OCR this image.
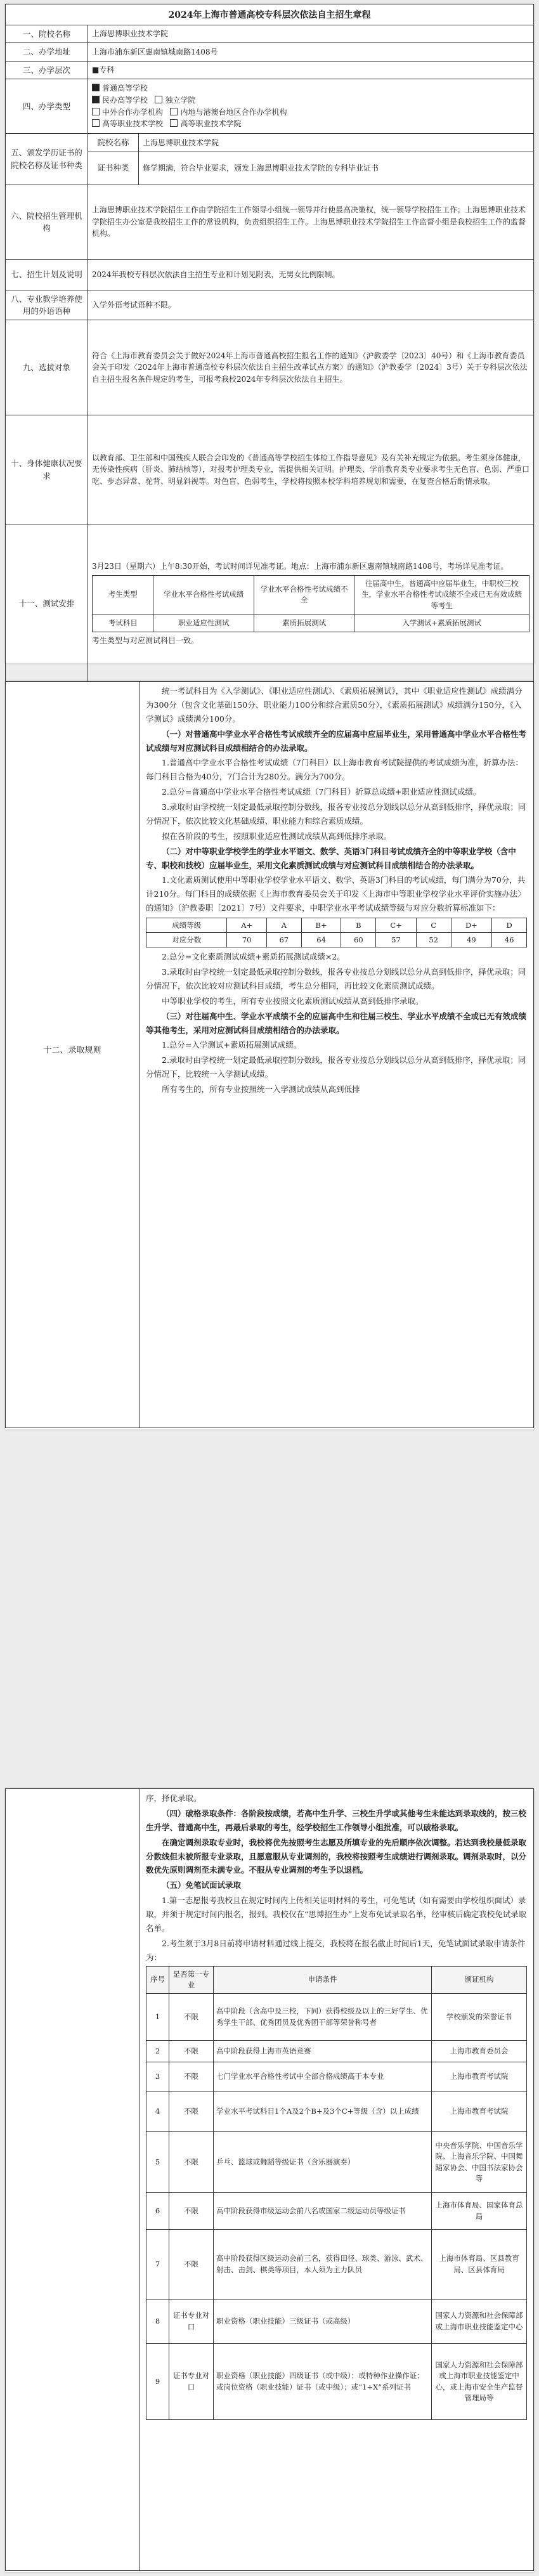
2024年上海市普通高校专科层次依法自主招生章程
一、院校名称	上海思博职业技术学院
二、办学地址	上海市浦东新区惠南镇城南路1408号
三、办学层次	■专科
四、办学类型	
普通高等学校
民办高等学校 独立学院
中外合作办学机构 内地与港澳台地区合作办学机构
高等职业技术学校 高等职业技术学院

五、颁发学历证书的院校名称及证书种类	院校名称	上海思博职业技术学院
证书种类	修学期满，符合毕业要求，颁发上海思博职业技术学院的专科毕业证书
六、院校招生管理机构	上海思博职业技术学院招生工作由学院招生工作领导小组统一领导并行使最高决策权，统一领导学校招生工作；上海思博职业技术学院招生办公室是我校招生工作的常设机构，负责组织招生工作。上海思博职业技术学院招生工作监督小组是我校招生工作的监督机构。
七、招生计划及说明	2024年我校专科层次依法自主招生专业和计划见附表，无男女比例限制。
八、专业教学培养使用的外语语种	入学外语考试语种不限。
九、选拔对象	符合《上海市教育委员会关于做好2024年上海市普通高校招生报名工作的通知》（沪教委学〔2023〕40号）和《上海市教育委员会关于印发〈2024年上海市普通高校专科层次依法自主招生改革试点方案〉的通知》（沪教委学〔2024〕3号）关于专科层次依法自主招生报名条件规定的考生，可报考我校2024年专科层次依法自主招生。
十、身体健康状况要求	以教育部、卫生部和中国残疾人联合会印发的《普通高等学校招生体检工作指导意见》及有关补充规定为依据。考生须身体健康，无传染性疾病（肝炎、肺结核等），对报考护理类专业，需提供相关证明。护理类、学前教育类专业要求考生无色盲、色弱、严重口吃、步态异常、驼背、明显斜视等。对色盲、色弱考生，学校将按照本校学科培养规划和需要，在复查合格后酌情录取。
十一、测试安排	
3月23日（星期六）上午8:30开始，考试时间详见准考证。地点：上海市浦东新区惠南镇城南路1408号，考场详见准考证。
考生类型	学业水平合格性考试成绩	学业水平合格性考试成绩不全	往届高中生，普通高中应届毕业生，中职校三校生，学业水平合格性考试成绩不全或已无有效成绩等考生
考试科目	职业适应性测试	素质拓展测试	入学测试+素质拓展测试
考生类型与对应测试科目一致。
十二、录取规则

统一考试科目为《入学测试》、《职业适应性测试》、《素质拓展测试》，其中《职业适应性测试》成绩满分为300分（包含文化基础150分、职业能力100分和综合素质50分），《素质拓展测试》成绩满分150分，《入学测试》成绩满分100分。

（一）对普通高中学业水平合格性考试成绩齐全的应届高中应届毕业生，采用普通高中学业水平合格性考试成绩与对应测试科目成绩相结合的办法录取。

1.普通高中学业水平合格性考试成绩（7门科目）以上海市教育考试院提供的考试成绩为准，折算办法：每门科目合格为40分，7门合计为280分。满分为700分。

2.总分=普通高中学业水平合格性考试成绩（7门科目）折算总成绩+职业适应性测试成绩。

3.录取时由学校统一划定最低录取控制分数线，报各专业按总分划线以总分从高到低排序，择优录取；同分情况下，依次比较文化基础成绩、职业能力和综合素质成绩。

拟在各阶段的考生，按照职业适应性测试成绩从高到低排序录取。

（二）对中等职业学校学生的学业水平语文、数学、英语3门科目考试成绩齐全的中等职业学校（含中专、职校和技校）应届毕业生，采用文化素质测试成绩与对应测试科目成绩相结合的办法录取。

1.文化素质测试使用中等职业学校学业水平语文、数学、英语3门科目的考试成绩，每门满分为70分，共计210分。每门科目的成绩依据《上海市教育委员会关于印发〈上海市中等职业学校学业水平评价实施办法〉的通知》（沪教委职〔2021〕7号）文件要求，中职学业水平考试成绩等级与对应分数折算标准如下：

成绩等级	A+	A	B+	B	C+	C	D+	D
对应分数	70	67	64	60	57	52	49	46

2.总分=文化素质测试成绩+素质拓展测试成绩×2。

3.录取时由学校统一划定最低录取控制分数线，报各专业按总分划线以总分从高到低排序，择优录取；同分情况下，依次比较对应测试科目成绩，考生总分相同，再比较文化素质测试成绩。

中等职业学校的考生，所有专业按照文化素质测试成绩从高到低排序录取。

（三）对往届高中生、学业水平成绩不全的应届高中生和往届三校生、学业水平成绩不全或已无有效成绩等其他考生，采用对应测试科目成绩相结合的办法录取。

1.总分=入学测试+素质拓展测试成绩。

2.录取时由学校统一划定最低录取控制分数线，报各专业按总分划线以总分从高到低排序，择优录取；同分情况下，比较统一入学测试成绩。

所有考生的，所有专业按照统一入学测试成绩从高到低排

序，择优录取。

（四）破格录取条件：各阶段按成绩，若高中生升学、三校生升学或其他考生未能达到录取线的，按三校生升学、普通高中生，再最后录取的考生，经学校招生工作领导小组批准，可以破格录取。

在确定调剂录取专业时，我校将优先按照考生志愿及所填专业的先后顺序依次调整。若达到我校最低录取分数线但未被所报专业录取，且愿意服从专业调剂的，我校将按照考生成绩进行调剂录取。调剂录取时，以分数优先原则调剂至未满专业。不服从专业调剂的考生予以退档。

（五）免笔试面试录取

1.第一志愿报考我校且在规定时间内上传相关证明材料的考生，可免笔试（如有需要由学校组织面试）录取，并须于规定时间内报名，报到。我校仅在“思博招生办”上发布免试录取名单，经审核后确定我校免试录取名单。

2.考生须于3月8日前将申请材料通过线上提交，我校将在报名截止时间后1天，免笔试面试录取申请条件为：

序号	是否第一专业	申请条件	颁证机构
1	不限	高中阶段（含高中及三校，下同）获得校级及以上的三好学生、优秀学生干部、优秀团员及优秀团干部等荣誉称号者	学校颁发的荣誉证书
2	不限	高中阶段获得上海市英语竞赛	上海市教育委员会
3	不限	七门学业水平合格性考试中全部合格成绩高于本专业	上海市教育考试院
4	不限	学业水平考试科目1个A及2个B+及3个C+等级（含）以上成绩	上海市教育考试院
5	不限	乒乓、篮球或舞蹈等级证书（含乐器演奏）	中央音乐学院、中国音乐学院、上海音乐学院、中国舞蹈家协会、中国书法家协会等
6	不限	高中阶段获得市级运动会前八名或国家二级运动员等级证书	上海市体育局、国家体育总局
7	不限	高中阶段获得区级运动会前三名，获得田径、球类、游泳、武术、射击、击剑、棋类等项目，本人须为主力队员	上海市体育局、区县教育局、区县体育局
8	证书专业对口	职业资格（职业技能）三级证书（或高级）	国家人力资源和社会保障部或上海市职业技能鉴定中心
9	证书专业对口	职业资格（职业技能）四级证书（或中级）；或特种作业操作证；或岗位资格（职业技能）证书（或中级）；或“1+X”系列证书	国家人力资源和社会保障部或上海市职业技能鉴定中心，或上海市安全生产监督管理局等
